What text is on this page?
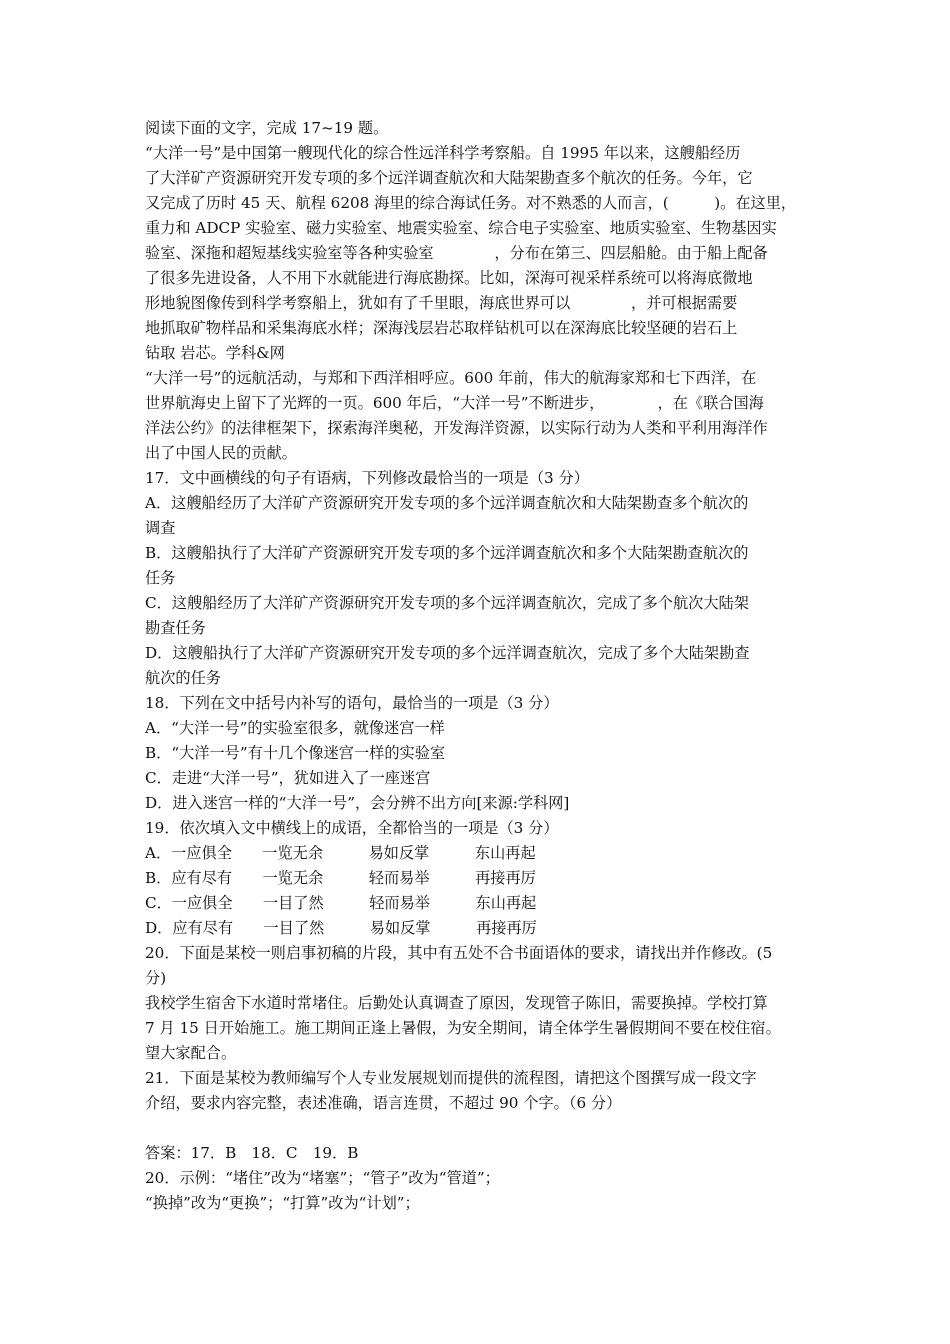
阅读下面的文字，完成 17~19 题。
“大洋一号”是中国第一艘现代化的综合性远洋科学考察船。自 1995 年以来，这艘船经历
了大洋矿产资源研究开发专项的多个远洋调查航次和大陆架勘查多个航次的任务。今年，它
又完成了历时 45 天、航程 6208 海里的综合海试任务。对不熟悉的人而言，(　　　)。在这里，
重力和 ADCP 实验室、磁力实验室、地震实验室、综合电子实验室、地质实验室、生物基因实
验室、深拖和超短基线实验室等各种实验室　　　　，分布在第三、四层船舱。由于船上配备
了很多先进设备，人不用下水就能进行海底勘探。比如，深海可视采样系统可以将海底微地
形地貌图像传到科学考察船上，犹如有了千里眼，海底世界可以　　　　，并可根据需要
地抓取矿物样品和采集海底水样；深海浅层岩芯取样钻机可以在深海底比较坚硬的岩石上
钻取 岩芯。学科&网
“大洋一号”的远航活动，与郑和下西洋相呼应。600 年前，伟大的航海家郑和七下西洋，在
世界航海史上留下了光辉的一页。600 年后，“大洋一号”不断进步，　　　　，在《联合国海
洋法公约》的法律框架下，探索海洋奥秘，开发海洋资源，以实际行动为人类和平利用海洋作
出了中国人民的贡献。
17．文中画横线的句子有语病，下列修改最恰当的一项是（3 分）
A．这艘船经历了大洋矿产资源研究开发专项的多个远洋调查航次和大陆架勘查多个航次的
调查
B．这艘船执行了大洋矿产资源研究开发专项的多个远洋调查航次和多个大陆架勘查航次的
任务
C．这艘船经历了大洋矿产资源研究开发专项的多个远洋调查航次，完成了多个航次大陆架
勘查任务
D．这艘船执行了大洋矿产资源研究开发专项的多个远洋调查航次，完成了多个大陆架勘查
航次的任务
18．下列在文中括号内补写的语句，最恰当的一项是（3 分）
A．“大洋一号”的实验室很多，就像迷宫一样
B．“大洋一号”有十几个像迷宫一样的实验室
C．走进“大洋一号”，犹如进入了一座迷宫
D．进入迷宫一样的“大洋一号”，会分辨不出方向[来源:学科网]
19．依次填入文中横线上的成语，全都恰当的一项是（3 分）
A．一应俱全　　一览无余　　　易如反掌　　　东山再起
B．应有尽有　　一览无余　　　轻而易举　　　再接再厉
C．一应俱全　　一目了然　　　轻而易举　　　东山再起
D．应有尽有　　一目了然　　　易如反掌　　　再接再厉
20．下面是某校一则启事初稿的片段，其中有五处不合书面语体的要求，请找出并作修改。(5
分)
我校学生宿舍下水道时常堵住。后勤处认真调查了原因，发现管子陈旧，需要换掉。学校打算
7 月 15 日开始施工。施工期间正逢上暑假，为安全期间，请全体学生暑假期间不要在校住宿。
望大家配合。
21．下面是某校为教师编写个人专业发展规划而提供的流程图，请把这个图撰写成一段文字
介绍，要求内容完整，表述准确，语言连贯，不超过 90 个字。（6 分）
答案：17．B　18．C　19．B
20．示例：“堵住”改为“堵塞”；“管子”改为“管道”；
“换掉”改为“更换”；“打算”改为“计划”；
